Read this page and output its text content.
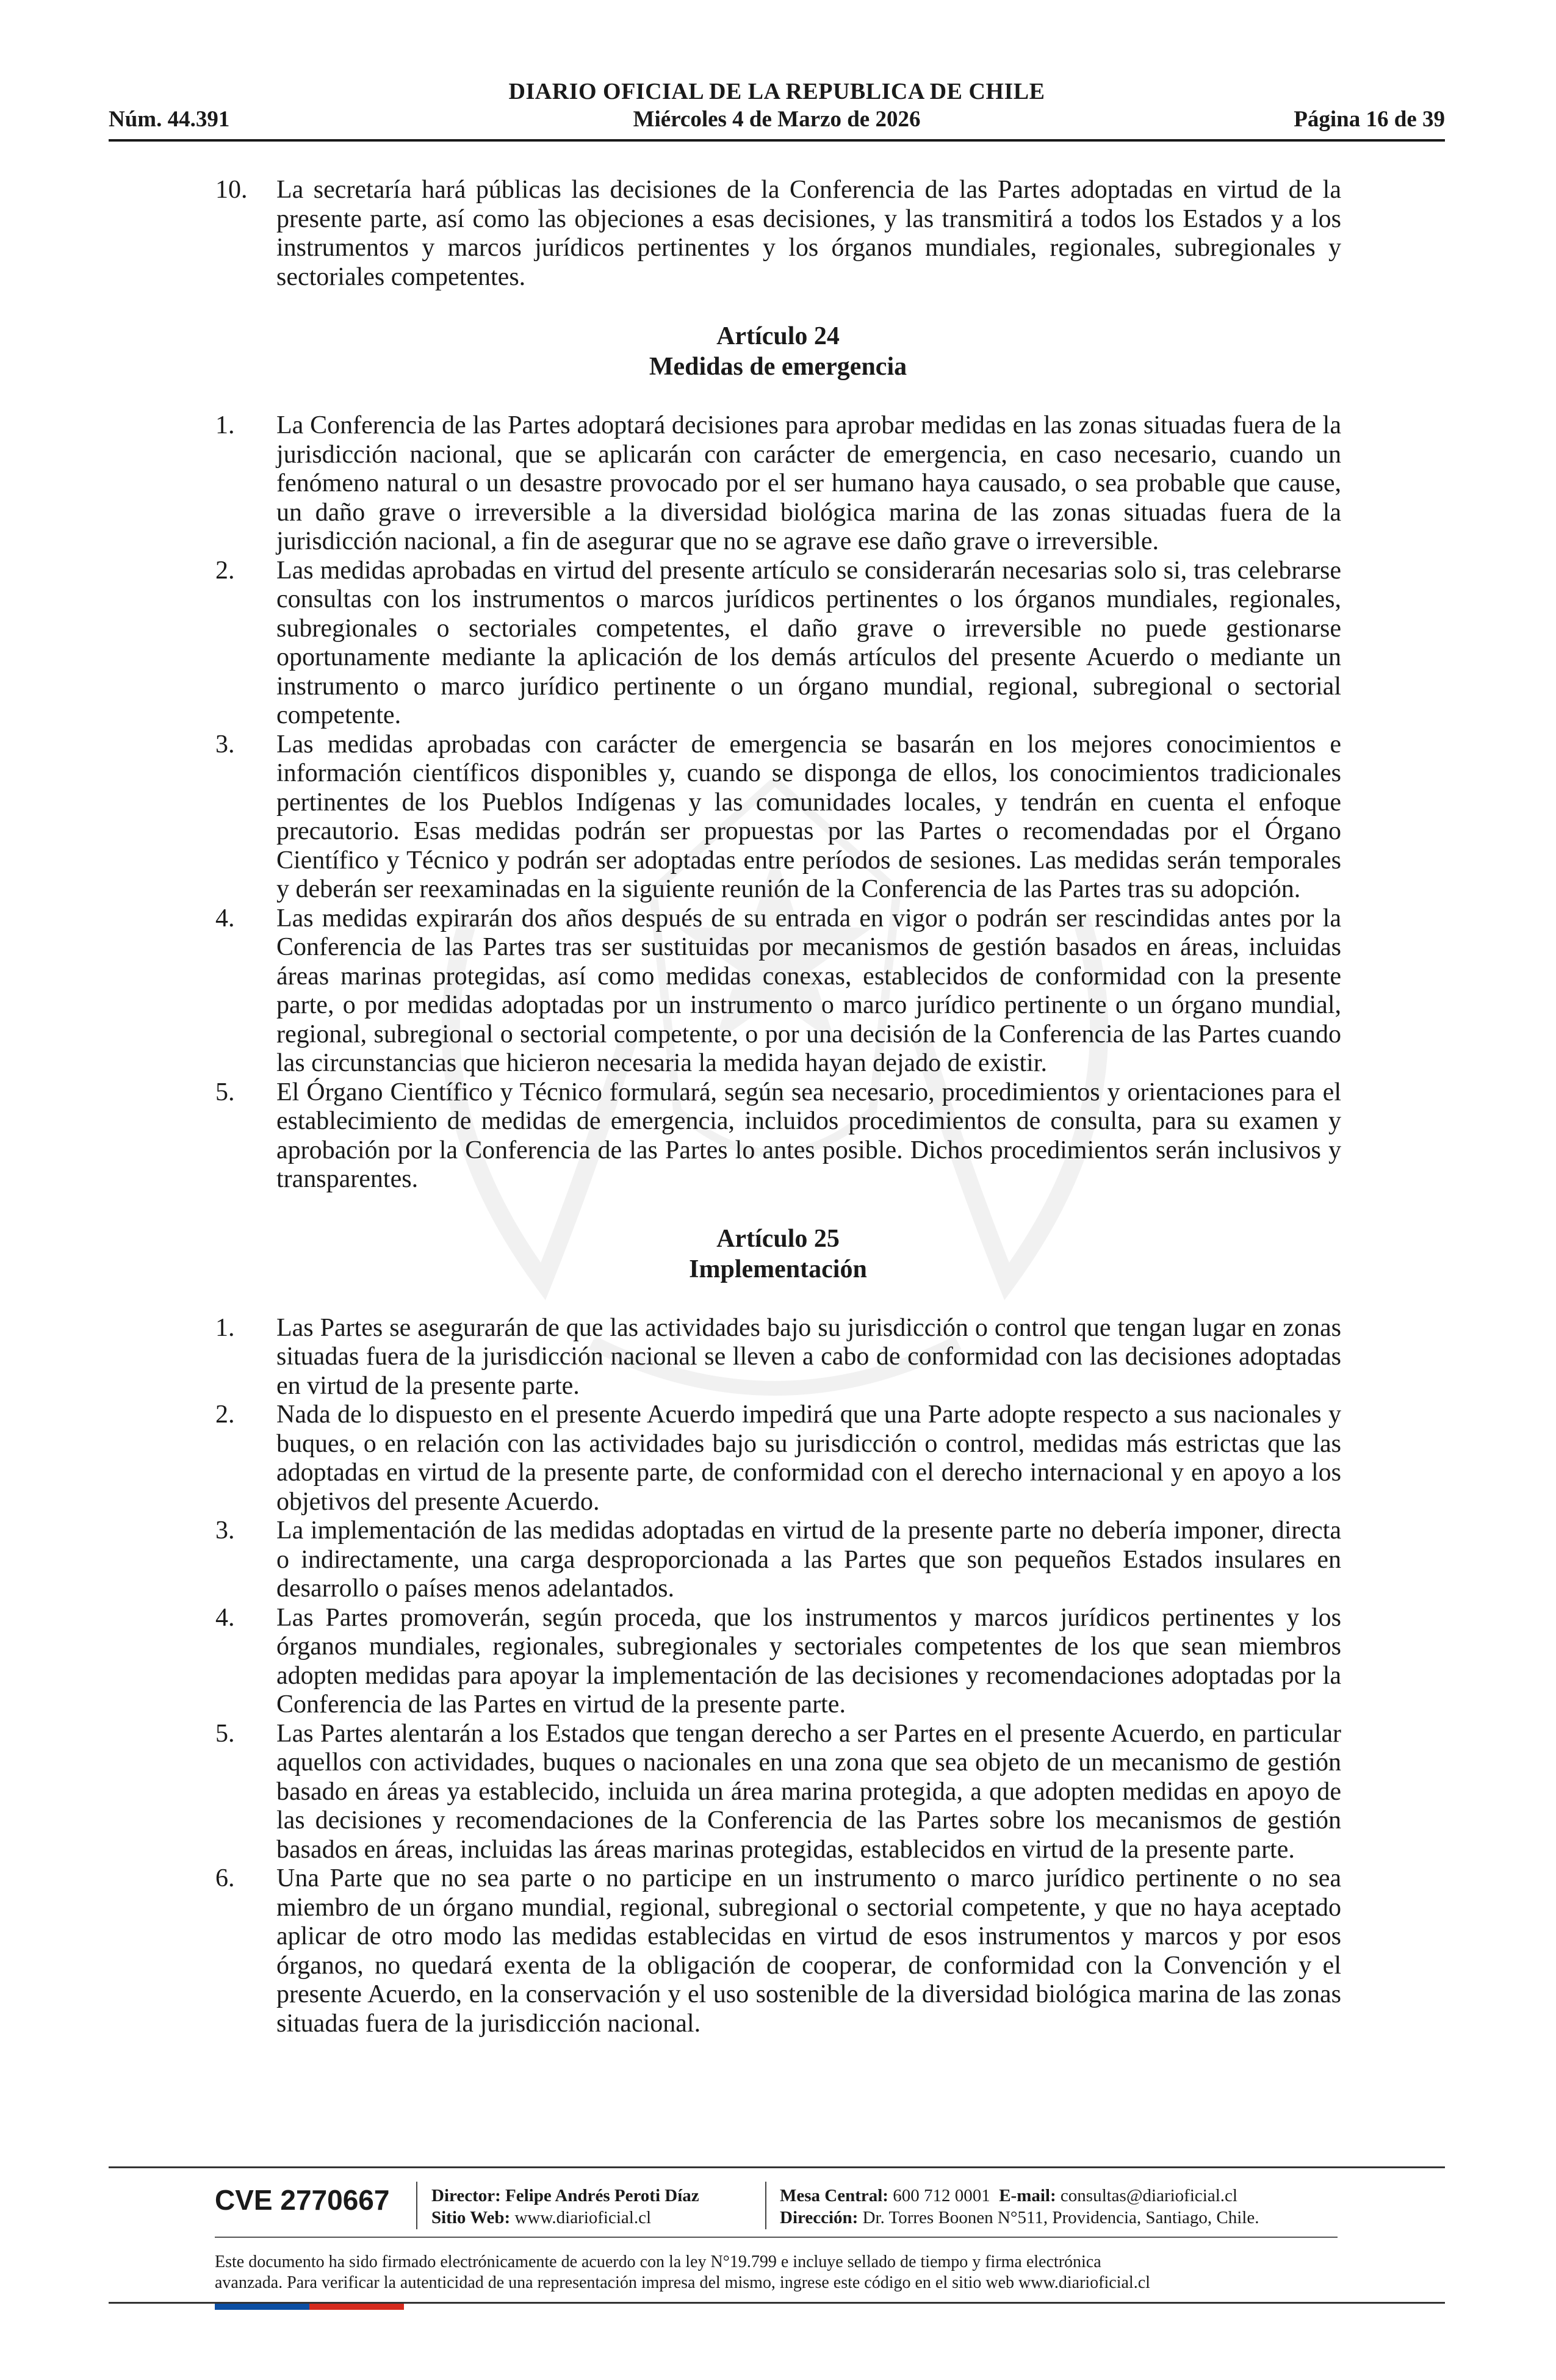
DIARIO OFICIAL DE LA REPUBLICA DE CHILE
Núm. 44.391	Miércoles 4 de Marzo de 2026	Página 16 de 39
10. La secretaría hará públicas las decisiones de la Conferencia de las Partes adoptadas en virtud de la presente parte, así como las objeciones a esas decisiones, y las transmitirá a todos los Estados y a los instrumentos y marcos jurídicos pertinentes y los órganos mundiales, regionales, subregionales y sectoriales competentes.
Artículo 24
Medidas de emergencia
1. La Conferencia de las Partes adoptará decisiones para aprobar medidas en las zonas situadas fuera de la jurisdicción nacional, que se aplicarán con carácter de emergencia, en caso necesario, cuando un fenómeno natural o un desastre provocado por el ser humano haya causado, o sea probable que cause, un daño grave o irreversible a la diversidad biológica marina de las zonas situadas fuera de la jurisdicción nacional, a fin de asegurar que no se agrave ese daño grave o irreversible.
2. Las medidas aprobadas en virtud del presente artículo se considerarán necesarias solo si, tras celebrarse consultas con los instrumentos o marcos jurídicos pertinentes o los órganos mundiales, regionales, subregionales o sectoriales competentes, el daño grave o irreversible no puede gestionarse oportunamente mediante la aplicación de los demás artículos del presente Acuerdo o mediante un instrumento o marco jurídico pertinente o un órgano mundial, regional, subregional o sectorial competente.
3. Las medidas aprobadas con carácter de emergencia se basarán en los mejores conocimientos e información científicos disponibles y, cuando se disponga de ellos, los conocimientos tradicionales pertinentes de los Pueblos Indígenas y las comunidades locales, y tendrán en cuenta el enfoque precautorio. Esas medidas podrán ser propuestas por las Partes o recomendadas por el Órgano Científico y Técnico y podrán ser adoptadas entre períodos de sesiones. Las medidas serán temporales y deberán ser reexaminadas en la siguiente reunión de la Conferencia de las Partes tras su adopción.
4. Las medidas expirarán dos años después de su entrada en vigor o podrán ser rescindidas antes por la Conferencia de las Partes tras ser sustituidas por mecanismos de gestión basados en áreas, incluidas áreas marinas protegidas, así como medidas conexas, establecidos de conformidad con la presente parte, o por medidas adoptadas por un instrumento o marco jurídico pertinente o un órgano mundial, regional, subregional o sectorial competente, o por una decisión de la Conferencia de las Partes cuando las circunstancias que hicieron necesaria la medida hayan dejado de existir.
5. El Órgano Científico y Técnico formulará, según sea necesario, procedimientos y orientaciones para el establecimiento de medidas de emergencia, incluidos procedimientos de consulta, para su examen y aprobación por la Conferencia de las Partes lo antes posible. Dichos procedimientos serán inclusivos y transparentes.
Artículo 25
Implementación
1. Las Partes se asegurarán de que las actividades bajo su jurisdicción o control que tengan lugar en zonas situadas fuera de la jurisdicción nacional se lleven a cabo de conformidad con las decisiones adoptadas en virtud de la presente parte.
2. Nada de lo dispuesto en el presente Acuerdo impedirá que una Parte adopte respecto a sus nacionales y buques, o en relación con las actividades bajo su jurisdicción o control, medidas más estrictas que las adoptadas en virtud de la presente parte, de conformidad con el derecho internacional y en apoyo a los objetivos del presente Acuerdo.
3. La implementación de las medidas adoptadas en virtud de la presente parte no debería imponer, directa o indirectamente, una carga desproporcionada a las Partes que son pequeños Estados insulares en desarrollo o países menos adelantados.
4. Las Partes promoverán, según proceda, que los instrumentos y marcos jurídicos pertinentes y los órganos mundiales, regionales, subregionales y sectoriales competentes de los que sean miembros adopten medidas para apoyar la implementación de las decisiones y recomendaciones adoptadas por la Conferencia de las Partes en virtud de la presente parte.
5. Las Partes alentarán a los Estados que tengan derecho a ser Partes en el presente Acuerdo, en particular aquellos con actividades, buques o nacionales en una zona que sea objeto de un mecanismo de gestión basado en áreas ya establecido, incluida un área marina protegida, a que adopten medidas en apoyo de las decisiones y recomendaciones de la Conferencia de las Partes sobre los mecanismos de gestión basados en áreas, incluidas las áreas marinas protegidas, establecidos en virtud de la presente parte.
6. Una Parte que no sea parte o no participe en un instrumento o marco jurídico pertinente o no sea miembro de un órgano mundial, regional, subregional o sectorial competente, y que no haya aceptado aplicar de otro modo las medidas establecidas en virtud de esos instrumentos y marcos y por esos órganos, no quedará exenta de la obligación de cooperar, de conformidad con la Convención y el presente Acuerdo, en la conservación y el uso sostenible de la diversidad biológica marina de las zonas situadas fuera de la jurisdicción nacional.
CVE 2770667 Director: Felipe Andrés Peroti Díaz
Sitio Web: www.diarioficial.cl
Mesa Central: 600 712 0001 E-mail: consultas@diarioficial.cl
Dirección: Dr. Torres Boonen N°511, Providencia, Santiago, Chile.
Este documento ha sido firmado electrónicamente de acuerdo con la ley N°19.799 e incluye sellado de tiempo y firma electrónica
avanzada. Para verificar la autenticidad de una representación impresa del mismo, ingrese este código en el sitio web www.diarioficial.cl
